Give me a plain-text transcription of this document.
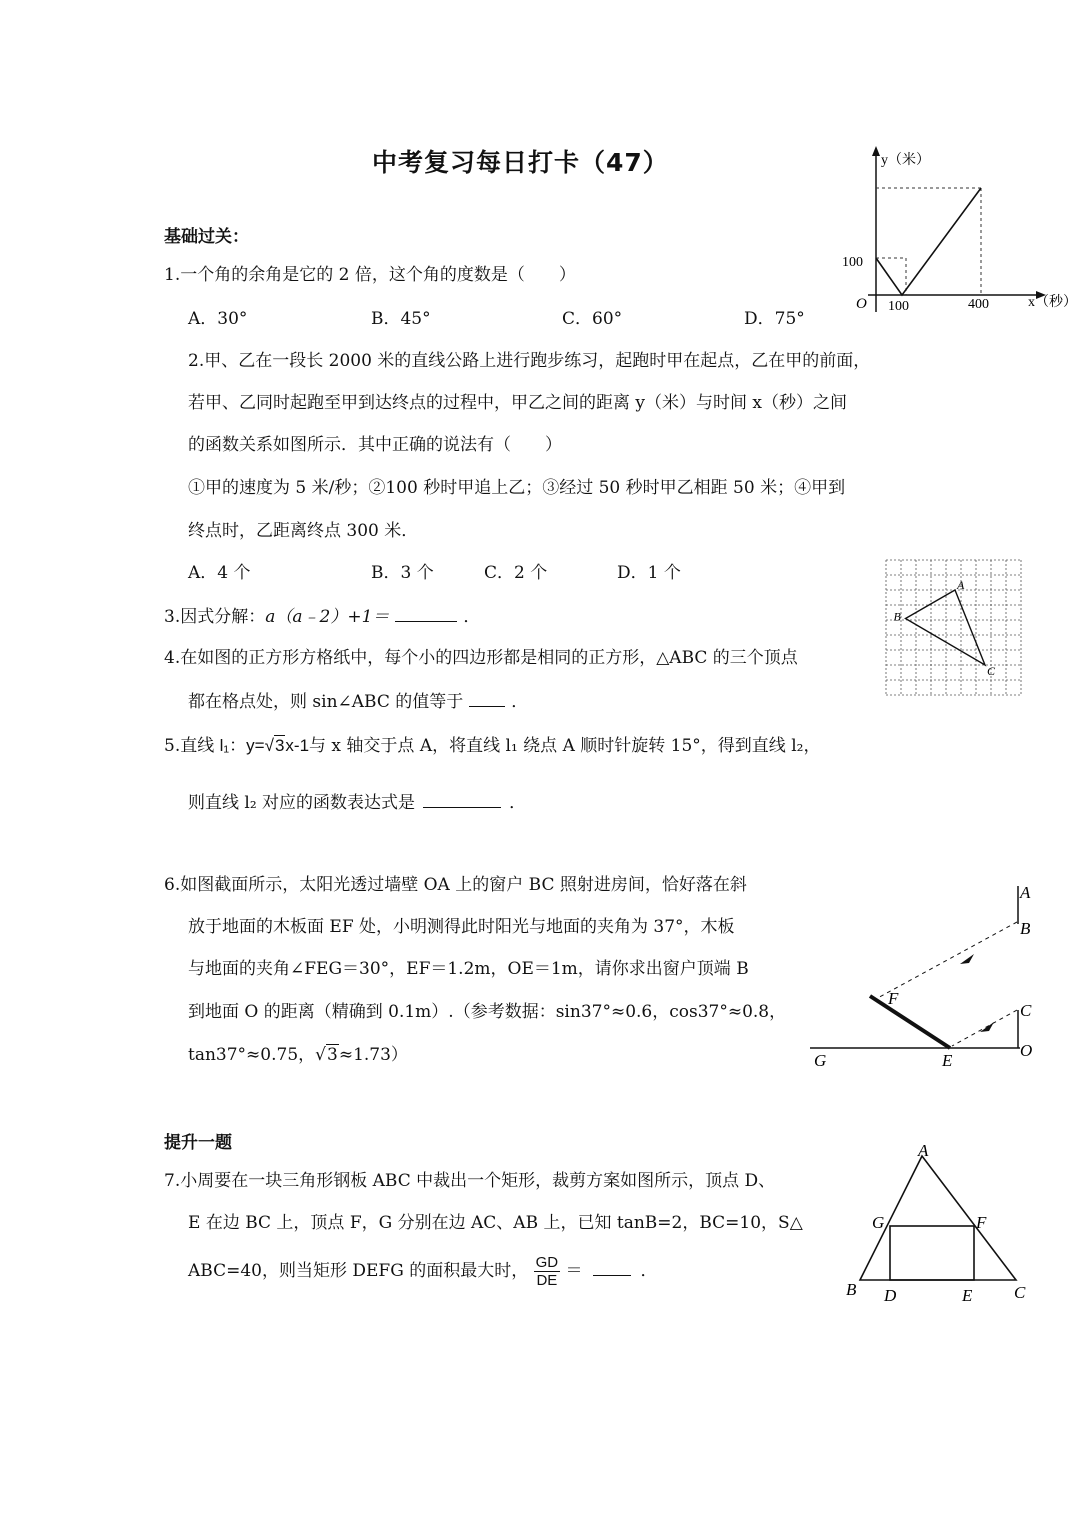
中考复习每日打卡（47）
基础过关：
1.一个角的余角是它的 2 倍，这个角的度数是（　　）
A．30°	B．45°	C．60°	D．75°
y（米）
100
O 100	400	x（秒）
2.甲、乙在一段长 2000 米的直线公路上进行跑步练习，起跑时甲在起点，乙在甲的前面，
若甲、乙同时起跑至甲到达终点的过程中，甲乙之间的距离 y（米）与时间 x（秒）之间
的函数关系如图所示．其中正确的说法有（　　）
①甲的速度为 5 米/秒；②100 秒时甲追上乙；③经过 50 秒时甲乙相距 50 米；④甲到
终点时，乙距离终点 300 米．
A．4 个	B．3 个	C．2 个	D．1 个
3.因式分解：a（a﹣2）+1＝	．
A
B
C
4.在如图的正方形方格纸中，每个小的四边形都是相同的正方形，△ABC 的三个顶点
都在格点处，则 sin∠ABC 的值等于	．
5.直线 l₁：y=√3x-1与 x 轴交于点 A，将直线 l₁ 绕点 A 顺时针旋转 15°，得到直线 l₂，
则直线 l₂ 对应的函数表达式是	．
6.如图截面所示，太阳光透过墙壁 OA 上的窗户 BC 照射进房间，恰好落在斜
放于地面的木板面 EF 处，小明测得此时阳光与地面的夹角为 37°，木板
与地面的夹角∠FEG＝30°，EF＝1.2m，OE＝1m，请你求出窗户顶端 B
到地面 O 的距离（精确到 0.1m）.（参考数据：sin37°≈0.6，cos37°≈0.8，
tan37°≈0.75，√3≈1.73）
A
B
C
O
F
E
G
提升一题
7.小周要在一块三角形钢板 ABC 中裁出一个矩形，裁剪方案如图所示，顶点 D、
E 在边 BC 上，顶点 F，G 分别在边 AC、AB 上，已知 tanB=2，BC=10，S△
ABC=40，则当矩形 DEFG 的面积最大时， $\frac{GD}{DE}$ ＝	．
A
G	F
B D	E C
